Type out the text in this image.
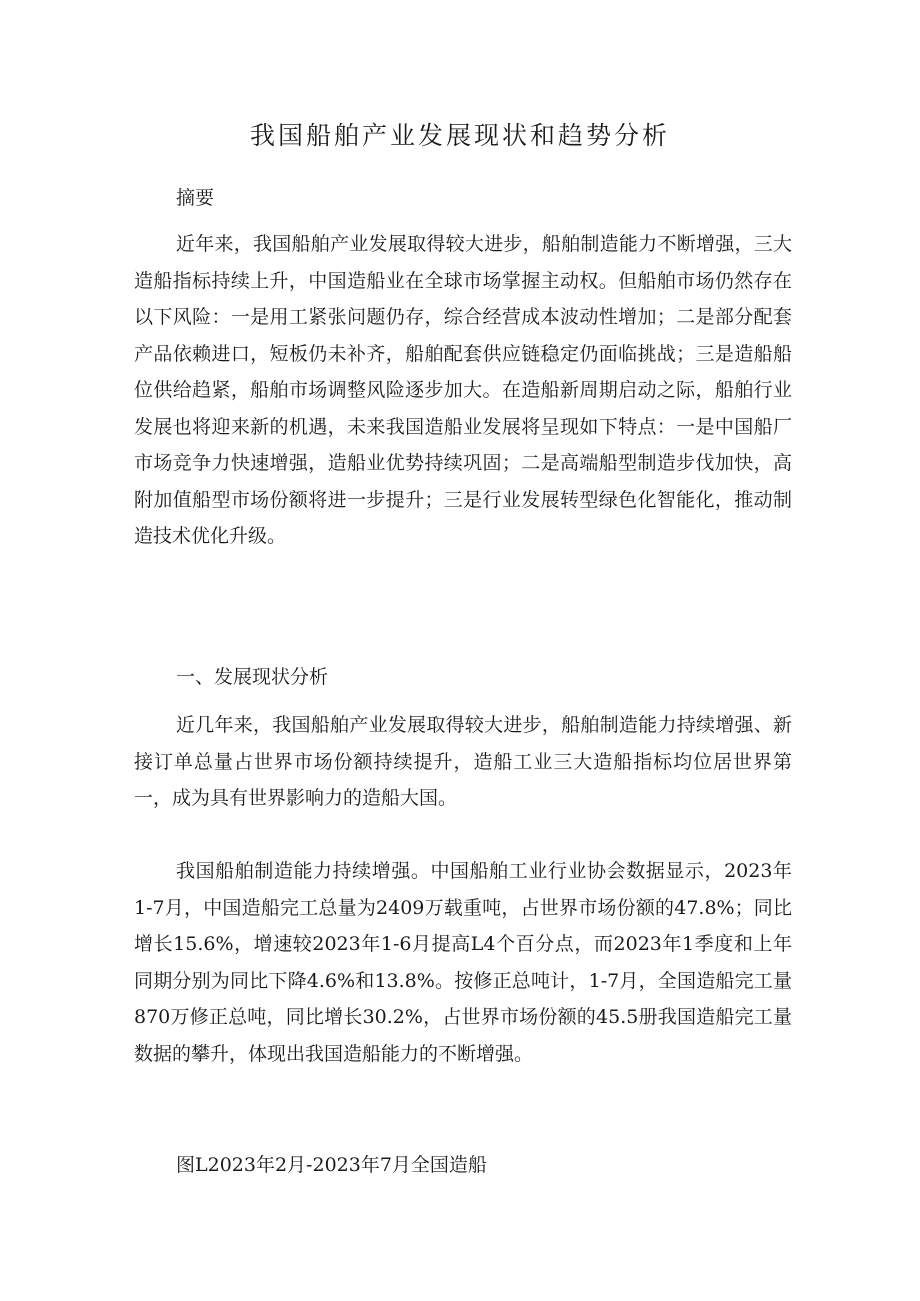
我国船舶产业发展现状和趋势分析

摘要

近年来，我国船舶产业发展取得较大进步，船舶制造能力不断增强，三大造船指标持续上升，中国造船业在全球市场掌握主动权。但船舶市场仍然存在以下风险：一是用工紧张问题仍存，综合经营成本波动性增加；二是部分配套产品依赖进口，短板仍未补齐，船舶配套供应链稳定仍面临挑战；三是造船船位供给趋紧，船舶市场调整风险逐步加大。在造船新周期启动之际，船舶行业发展也将迎来新的机遇，未来我国造船业发展将呈现如下特点：一是中国船厂市场竞争力快速增强，造船业优势持续巩固；二是高端船型制造步伐加快，高附加值船型市场份额将进一步提升；三是行业发展转型绿色化智能化，推动制造技术优化升级。

一、发展现状分析

近几年来，我国船舶产业发展取得较大进步，船舶制造能力持续增强、新接订单总量占世界市场份额持续提升，造船工业三大造船指标均位居世界第一，成为具有世界影响力的造船大国。

我国船舶制造能力持续增强。中国船舶工业行业协会数据显示，2023年1-7月，中国造船完工总量为2409万载重吨，占世界市场份额的47.8%；同比增长15.6%，增速较2023年1-6月提高L4个百分点，而2023年1季度和上年同期分别为同比下降4.6%和13.8%。按修正总吨计，1-7月，全国造船完工量870万修正总吨，同比增长30.2%，占世界市场份额的45.5册我国造船完工量数据的攀升，体现出我国造船能力的不断增强。

图L2023年2月-2023年7月全国造船
